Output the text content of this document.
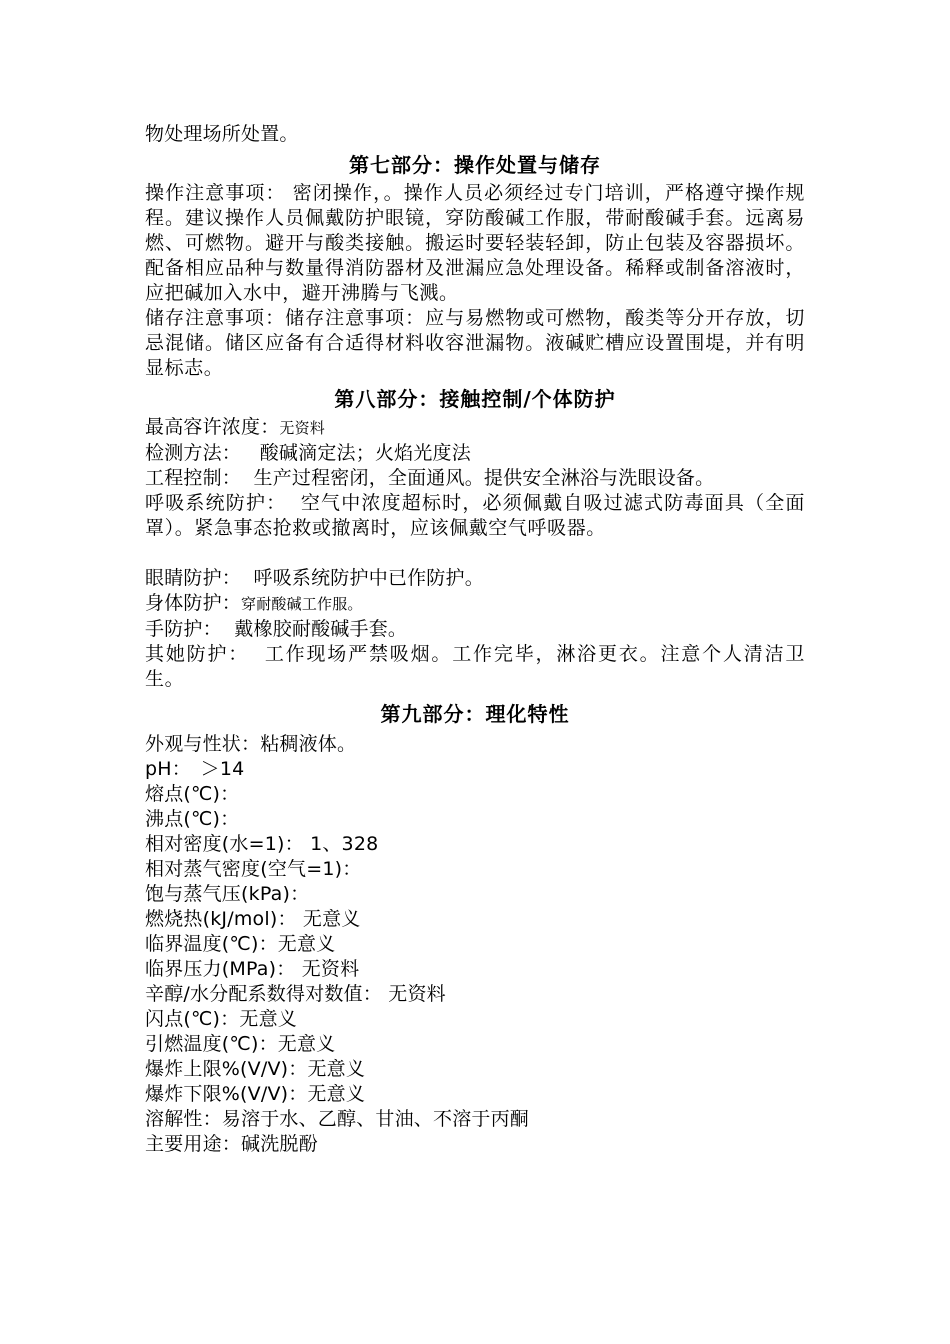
物处理场所处置。
第七部分：操作处置与储存
操作注意事项： 密闭操作，。操作人员必须经过专门培训，严格遵守操作规程。建议操作人员佩戴防护眼镜，穿防酸碱工作服，带耐酸碱手套。远离易燃、可燃物。避开与酸类接触。搬运时要轻装轻卸，防止包装及容器损坏。配备相应品种与数量得消防器材及泄漏应急处理设备。稀释或制备溶液时，应把碱加入水中，避开沸腾与飞溅。
储存注意事项：储存注意事项：应与易燃物或可燃物，酸类等分开存放，切忌混储。储区应备有合适得材料收容泄漏物。液碱贮槽应设置围堤，并有明显标志。
第八部分：接触控制/个体防护
最高容许浓度：无资料
检测方法： 酸碱滴定法；火焰光度法
工程控制： 生产过程密闭，全面通风。提供安全淋浴与洗眼设备。
呼吸系统防护： 空气中浓度超标时，必须佩戴自吸过滤式防毒面具（全面罩）。紧急事态抢救或撤离时，应该佩戴空气呼吸器。
眼睛防护： 呼吸系统防护中已作防护。
身体防护：穿耐酸碱工作服。
手防护： 戴橡胶耐酸碱手套。
其她防护： 工作现场严禁吸烟。工作完毕，淋浴更衣。注意个人清洁卫生。
第九部分：理化特性
外观与性状：粘稠液体。
pH：　＞14
熔点(℃)：
沸点(℃)：
相对密度(水=1)： 1、328
相对蒸气密度(空气=1)：
饱与蒸气压(kPa)：
燃烧热(kJ/mol)： 无意义
临界温度(℃)：无意义
临界压力(MPa)： 无资料
辛醇/水分配系数得对数值： 无资料
闪点(℃)：无意义
引燃温度(℃)：无意义
爆炸上限%(V/V)：无意义
爆炸下限%(V/V)：无意义
溶解性：易溶于水、乙醇、甘油、不溶于丙酮
主要用途：碱洗脱酚
